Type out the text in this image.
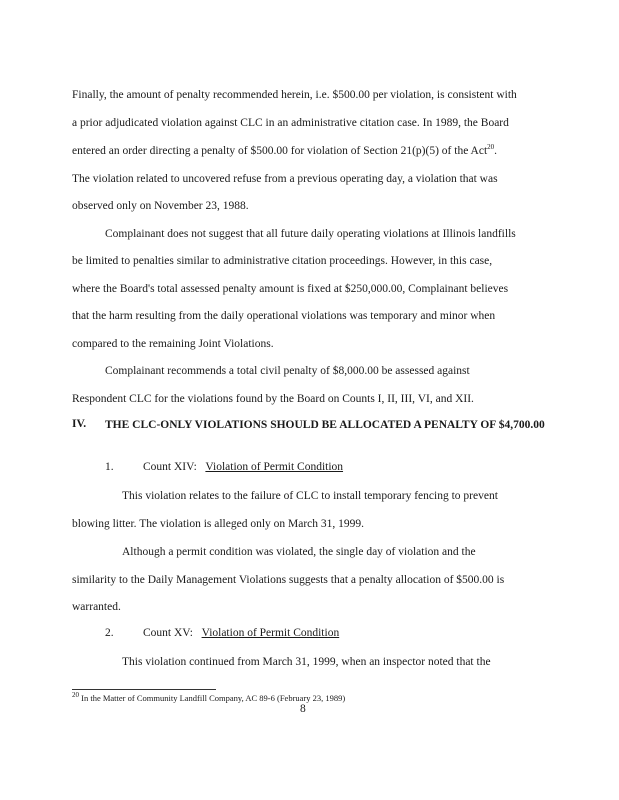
Finally, the amount of penalty recommended herein, i.e. $500.00 per violation, is consistent with
a prior adjudicated violation against CLC in an administrative citation case. In 1989, the Board
entered an order directing a penalty of $500.00 for violation of Section 21(p)(5) of the Act$^{20}$.
The violation related to uncovered refuse from a previous operating day, a violation that was
observed only on November 23, 1988.
Complainant does not suggest that all future daily operating violations at Illinois landfills
be limited to penalties similar to administrative citation proceedings. However, in this case,
where the Board's total assessed penalty amount is fixed at $250,000.00, Complainant believes
that the harm resulting from the daily operational violations was temporary and minor when
compared to the remaining Joint Violations.
Complainant recommends a total civil penalty of $8,000.00 be assessed against
Respondent CLC for the violations found by the Board on Counts I, II, III, VI, and XII.
IV. THE CLC-ONLY VIOLATIONS SHOULD BE ALLOCATED A PENALTY OF $4,700.00
1.	Count XIV: Violation of Permit Condition
This violation relates to the failure of CLC to install temporary fencing to prevent
blowing litter. The violation is alleged only on March 31, 1999.
Although a permit condition was violated, the single day of violation and the
similarity to the Daily Management Violations suggests that a penalty allocation of $500.00 is
warranted.
2.	Count XV: Violation of Permit Condition
This violation continued from March 31, 1999, when an inspector noted that the
$^{20}$ In the Matter of Community Landfill Company, AC 89-6 (February 23, 1989)
8
